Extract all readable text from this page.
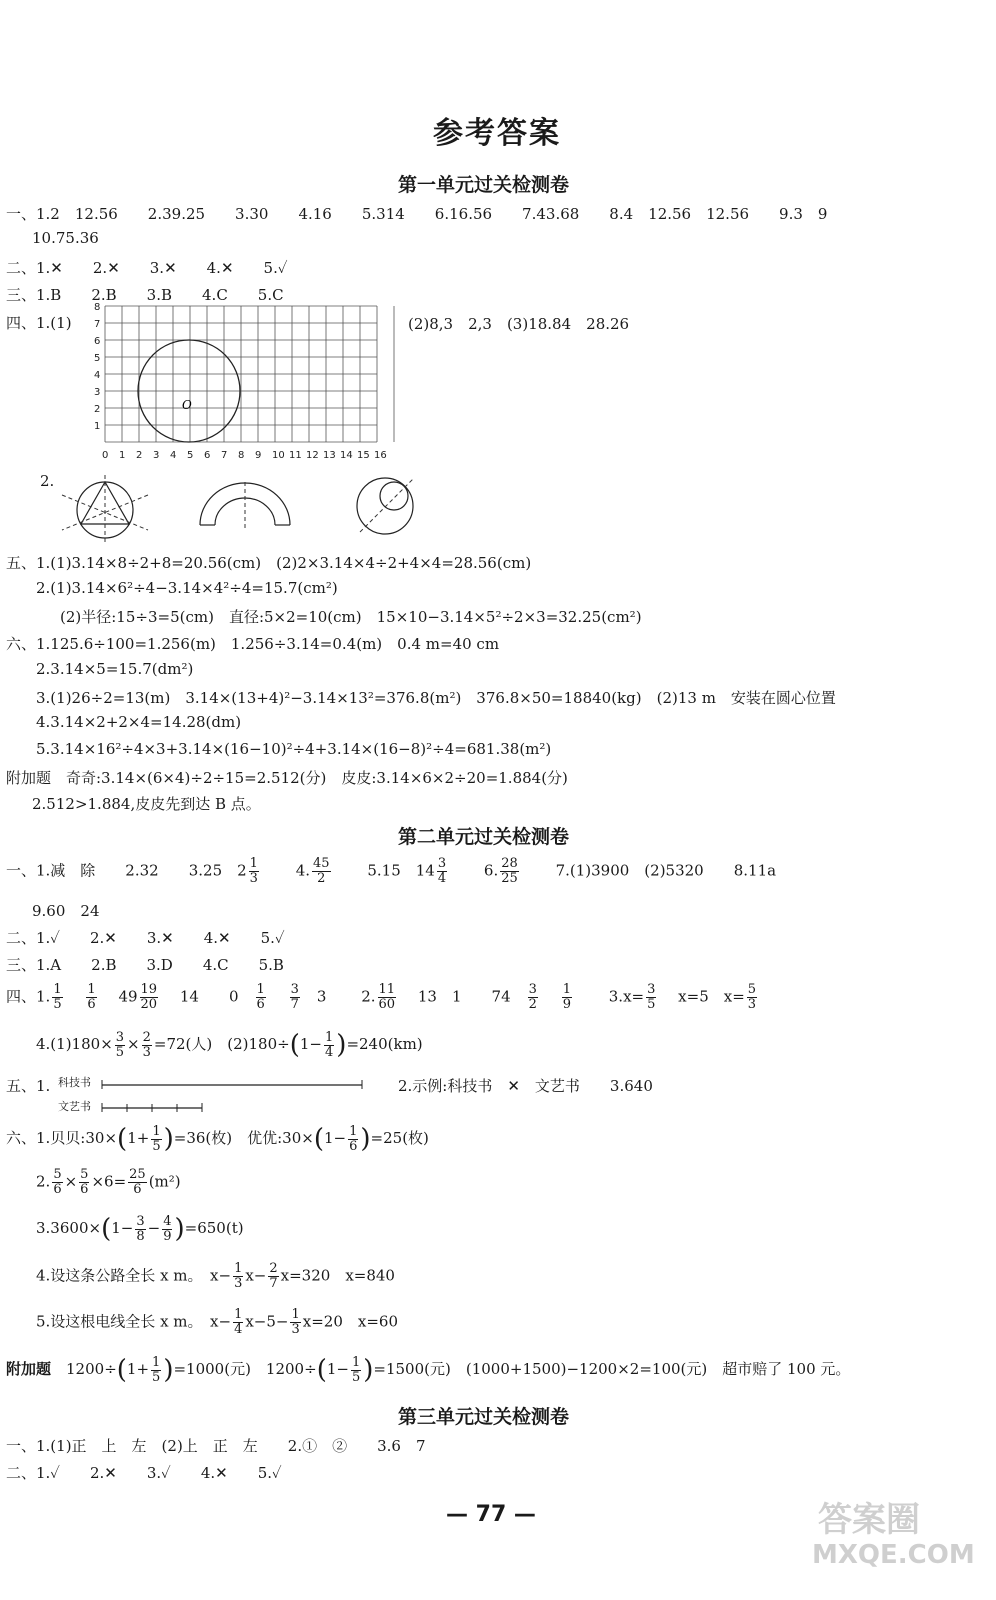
参考答案
第一单元过关检测卷
一、1.2　12.56　　2.39.25　　3.30　　4.16　　5.314　　6.16.56　　7.43.68　　8.4　12.56　12.56　　9.3　9
10.75.36
二、1.✕　　2.✕　　3.✕　　4.✕　　5.✓
三、1.B　　2.B　　3.B　　4.C　　5.C
四、1.(1)	(2)8,3　2,3　(3)18.84　28.26
0 1 2 3 4 5 6 7 8 9 10 11 12 13 14 15 16
8
7
6
5
4
3
2
1
O
2.
五、1.(1)3.14×8÷2+8=20.56(cm)　(2)2×3.14×4÷2+4×4=28.56(cm)
2.(1)3.14×6²÷4−3.14×4²÷4=15.7(cm²)
(2)半径:15÷3=5(cm)　直径:5×2=10(cm)　15×10−3.14×5²÷2×3=32.25(cm²)
六、1.125.6÷100=1.256(m)　1.256÷3.14=0.4(m)　0.4 m=40 cm
2.3.14×5=15.7(dm²)
3.(1)26÷2=13(m)　3.14×(13+4)²−3.14×13²=376.8(m²)　376.8×50=18840(kg)　(2)13 m　安装在圆心位置
4.3.14×2+2×4=14.28(dm)
5.3.14×16²÷4×3+3.14×(16−10)²÷4+3.14×(16−8)²÷4=681.38(m²)
附加题　奇奇:3.14×(6×4)÷2÷15=2.512(分)　皮皮:3.14×6×2÷20=1.884(分)
2.512>1.884,皮皮先到达 B 点。
第二单元过关检测卷
一、1.减　除　　2.32　　3.25　$2 \frac{1}{3}$
　　 4. $\frac{45}{2}$
　　 5.15　$14 \frac{3}{4}$
　　 6. $\frac{28}{25}$
　　 7.(1)3900　(2)5320　　8.11a
9.60　24
二、1.✓　　2.✕　　3.✕　　4.✕　　5.✓
三、1.A　　2.B　　3.D　　4.C　　5.B
四、1. $\frac{1}{5}$
　 $\frac{1}{6}$
　 $49 \frac{19}{20}$
　 14　　 0　 $\frac{1}{6}$
　 $\frac{3}{7}$
　 3 　　 2. $\frac{11}{60}$
　 13　 1　　 74　 $\frac{3}{2}$
　 $\frac{1}{9}$
　　 $3.x= \frac{3}{5}$
　 x=5　 $x= \frac{5}{3}$
$4.(1)180\times \frac{3}{5} \times \frac{2}{3} =72$(人)　$(2)180\div(1- \frac{1}{4} )=240(km)$
五、1. 科技书
文艺书
2.示例:科技书　✕　文艺书　　3.640
六、1.贝贝:30×(1+ $\frac{1}{5} )=36$(枚)　优优:30×(1− $\frac{1}{6} )=25$(枚)
2. $\frac{5}{6} \times \frac{5}{6} \times 6= \frac{25}{6} (m^2)$
$3.3600\times(1- \frac{3}{8} - \frac{4}{9} )=650(t)$
4.设这条公路全长 x m。　$x- \frac{1}{3} x- \frac{2}{7} x=320$　x=840
5.设这根电线全长 x m。　$x- \frac{1}{4} x-5- \frac{1}{3} x=20$　x=60
附加题　$1200\div(1+ \frac{1}{5} )=1000$(元)　$1200\div(1- \frac{1}{5} )=1500$(元)　(1000+1500)−1200×2=100(元)　超市赔了 100 元。
第三单元过关检测卷
一、1.(1)正　上　左　(2)上　正　左　　2.①　②　　3.6　7
二、1.✓　　2.✕　　3.✓　　4.✕　　5.✓
— 77 —	答案圈
MXQE.COM
